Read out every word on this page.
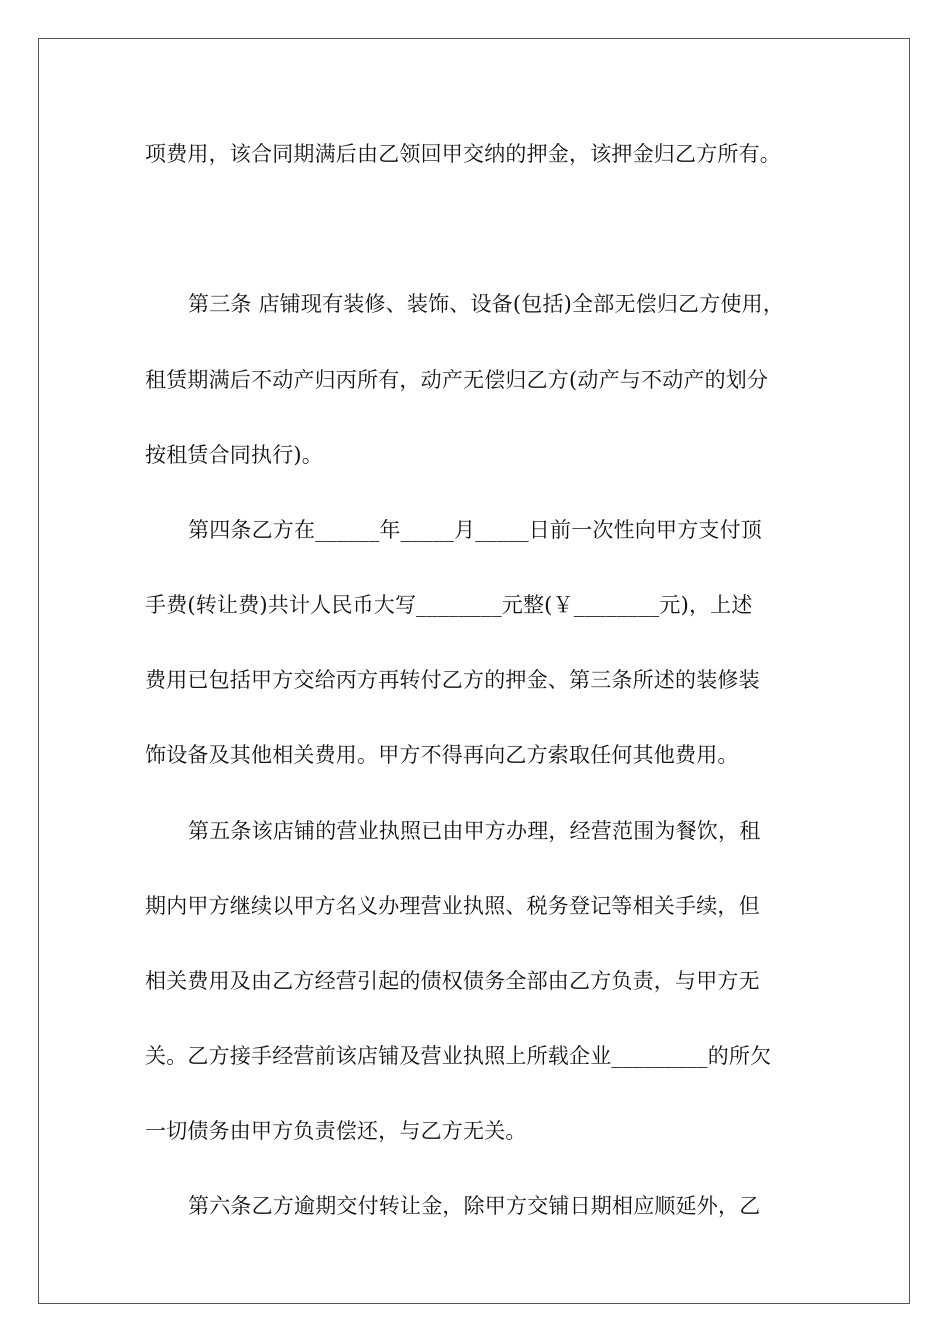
项费用，该合同期满后由乙领回甲交纳的押金，该押金归乙方所有。
第三条 店铺现有装修、装饰、设备(包括)全部无偿归乙方使用，
租赁期满后不动产归丙所有，动产无偿归乙方(动产与不动产的划分
按租赁合同执行)。
第四条乙方在______年_____月_____日前一次性向甲方支付顶
手费(转让费)共计人民币大写________元整(￥________元)，上述
费用已包括甲方交给丙方再转付乙方的押金、第三条所述的装修装
饰设备及其他相关费用。甲方不得再向乙方索取任何其他费用。
第五条该店铺的营业执照已由甲方办理，经营范围为餐饮，租
期内甲方继续以甲方名义办理营业执照、税务登记等相关手续，但
相关费用及由乙方经营引起的债权债务全部由乙方负责，与甲方无
关。乙方接手经营前该店铺及营业执照上所载企业_________的所欠
一切债务由甲方负责偿还，与乙方无关。
第六条乙方逾期交付转让金，除甲方交铺日期相应顺延外，乙
